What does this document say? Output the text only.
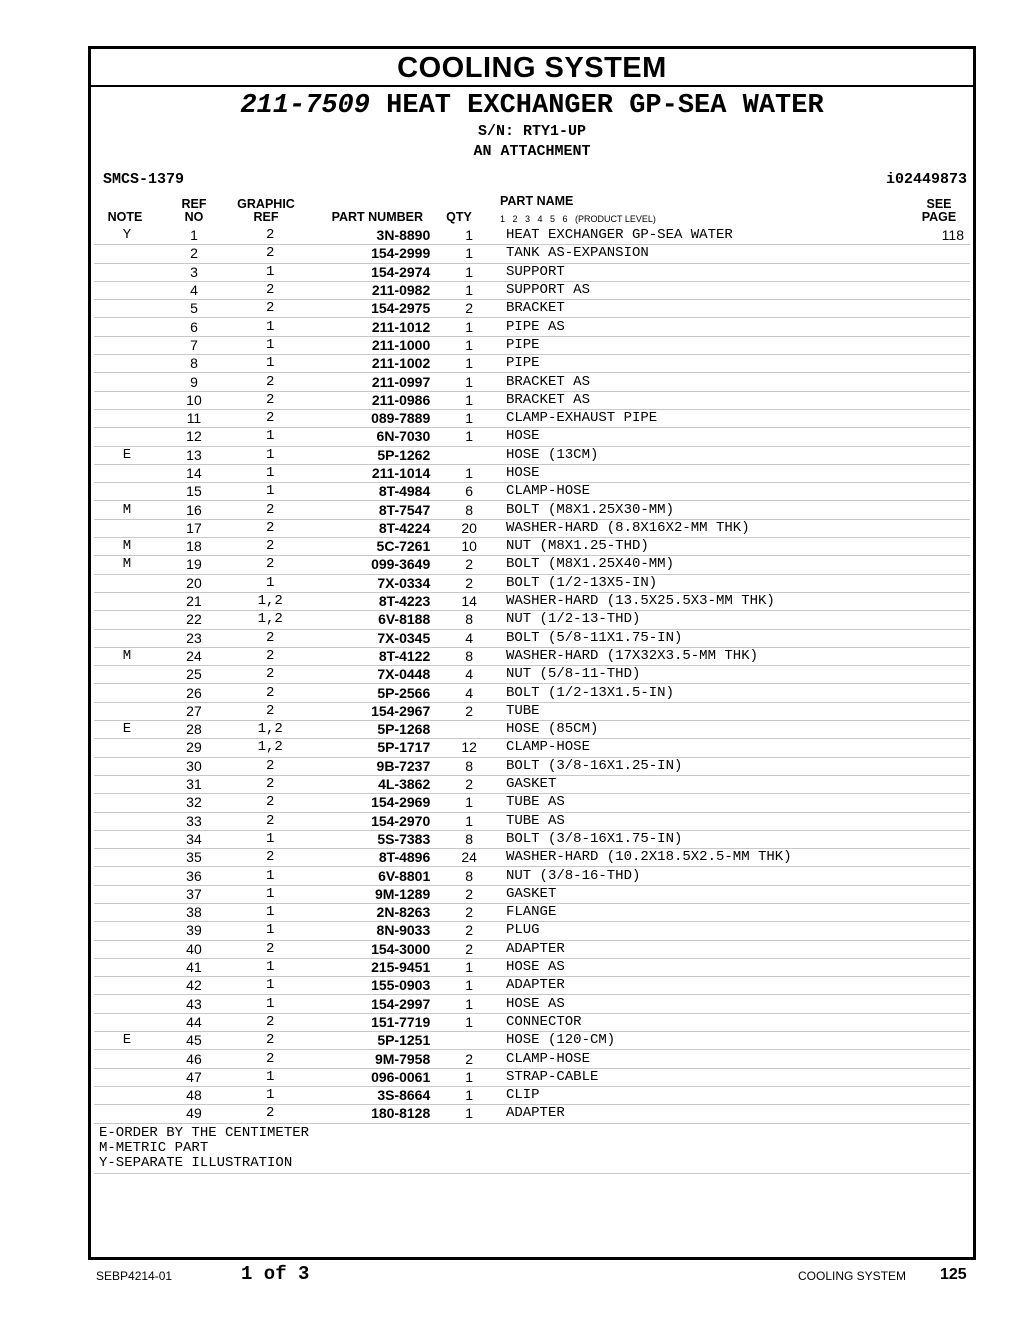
COOLING SYSTEM
211-7509 HEAT EXCHANGER GP-SEA WATER
S/N: RTY1-UP
AN ATTACHMENT
SMCS-1379	i02449873
NOTE
REF
NO
GRAPHIC
REF	PART NUMBER	QTY
PART NAME
1   2   3   4   5   6   (PRODUCT LEVEL)
SEE
PAGE
Y	1	2	3N-8890	1	HEAT EXCHANGER GP-SEA WATER	118
	2	2	154-2999	1	TANK AS-EXPANSION	
	3	1	154-2974	1	SUPPORT	
	4	2	211-0982	1	SUPPORT AS	
	5	2	154-2975	2	BRACKET	
	6	1	211-1012	1	PIPE AS	
	7	1	211-1000	1	PIPE	
	8	1	211-1002	1	PIPE	
	9	2	211-0997	1	BRACKET AS	
	10	2	211-0986	1	BRACKET AS	
	11	2	089-7889	1	CLAMP-EXHAUST PIPE	
	12	1	6N-7030	1	HOSE	
E	13	1	5P-1262		HOSE (13CM)	
	14	1	211-1014	1	HOSE	
	15	1	8T-4984	6	CLAMP-HOSE	
M	16	2	8T-7547	8	BOLT (M8X1.25X30-MM)	
	17	2	8T-4224	20	WASHER-HARD (8.8X16X2-MM THK)	
M	18	2	5C-7261	10	NUT (M8X1.25-THD)	
M	19	2	099-3649	2	BOLT (M8X1.25X40-MM)	
	20	1	7X-0334	2	BOLT (1/2-13X5-IN)	
	21	1,2	8T-4223	14	WASHER-HARD (13.5X25.5X3-MM THK)	
	22	1,2	6V-8188	8	NUT (1/2-13-THD)	
	23	2	7X-0345	4	BOLT (5/8-11X1.75-IN)	
M	24	2	8T-4122	8	WASHER-HARD (17X32X3.5-MM THK)	
	25	2	7X-0448	4	NUT (5/8-11-THD)	
	26	2	5P-2566	4	BOLT (1/2-13X1.5-IN)	
	27	2	154-2967	2	TUBE	
E	28	1,2	5P-1268		HOSE (85CM)	
	29	1,2	5P-1717	12	CLAMP-HOSE	
	30	2	9B-7237	8	BOLT (3/8-16X1.25-IN)	
	31	2	4L-3862	2	GASKET	
	32	2	154-2969	1	TUBE AS	
	33	2	154-2970	1	TUBE AS	
	34	1	5S-7383	8	BOLT (3/8-16X1.75-IN)	
	35	2	8T-4896	24	WASHER-HARD (10.2X18.5X2.5-MM THK)	
	36	1	6V-8801	8	NUT (3/8-16-THD)	
	37	1	9M-1289	2	GASKET	
	38	1	2N-8263	2	FLANGE	
	39	1	8N-9033	2	PLUG	
	40	2	154-3000	2	ADAPTER	
	41	1	215-9451	1	HOSE AS	
	42	1	155-0903	1	ADAPTER	
	43	1	154-2997	1	HOSE AS	
	44	2	151-7719	1	CONNECTOR	
E	45	2	5P-1251		HOSE (120-CM)	
	46	2	9M-7958	2	CLAMP-HOSE	
	47	1	096-0061	1	STRAP-CABLE	
	48	1	3S-8664	1	CLIP	
	49	2	180-8128	1	ADAPTER	
E-ORDER BY THE CENTIMETER
M-METRIC PART
Y-SEPARATE ILLUSTRATION
SEBP4214-01	1 of 3	COOLING SYSTEM 125
